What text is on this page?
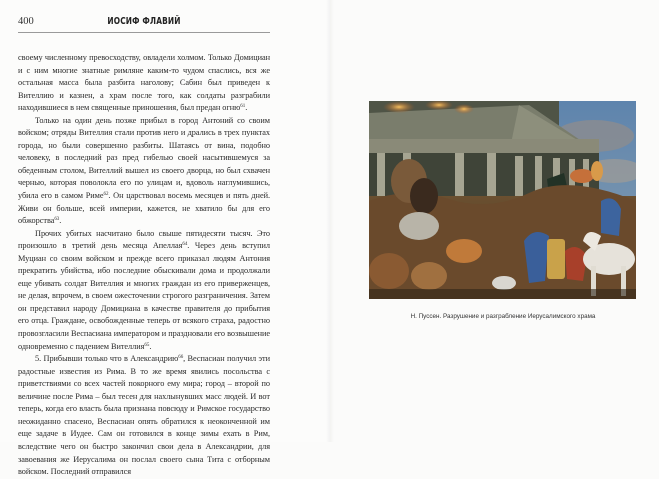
400	ИОСИФ ФЛАВИЙ

своему численному превосходству, овладели холмом. Только Домициан и с ним многие знатные римляне каким-то чудом спаслись, вся же остальная масса была разбита наголову; Сабин был приведен к Вителлию и казнен, а храм после того, как солдаты разграбили находившиеся в нем священные приношения, был предан огню$^{61}$.

Только на один день позже прибыл в город Антоний со своим войском; отряды Вителлия стали против него и дрались в трех пунктах города, но были совершенно разбиты. Шатаясь от вина, подобно человеку, в последний раз пред гибелью своей насытившемуся за обеденным столом, Вителлий вышел из своего дворца, но был схвачен чернью, которая поволокла его по улицам и, вдоволь наглумившись, убила его в самом Риме$^{62}$. Он царствовал восемь месяцев и пять дней. Живи он больше, всей империи, кажется, не хватило бы для его обжорства$^{63}$.

Прочих убитых насчитано было свыше пятидесяти тысяч. Это произошло в третий день месяца Апеллая$^{64}$. Через день вступил Муциан со своим войском и прежде всего приказал людям Антония прекратить убийства, ибо последние обыскивали дома и продолжали еще убивать солдат Вителлия и многих граждан из его приверженцев, не делая, впрочем, в своем ожесточении строгого разграничения. Затем он представил народу Домициана в качестве правителя до прибытия его отца. Граждане, освобожденные теперь от всякого страха, радостно провозгласили Веспасиана императором и праздновали его возвышение одновременно с падением Вителлия$^{65}$.

5. Прибывши только что в Александрию$^{66}$, Веспасиан получил эти радостные известия из Рима. В то же время явились посольства с приветствиями со всех частей покорного ему мира; город – второй по величине после Рима – был тесен для нахлынувших масс людей. И вот теперь, когда его власть была признана повсюду и Римское государство неожиданно спасено, Веспасиан опять обратился к неоконченной им еще задаче в Иудее. Сам он готовился в конце зимы ехать в Рим, вследствие чего он быстро закончил свои дела в Александрии, для завоевания же Иерусалима он послал своего сына Тита с отборным войском. Последний отправился

Н. Пуссен. Разрушение и разграбление Иерусалимского храма
